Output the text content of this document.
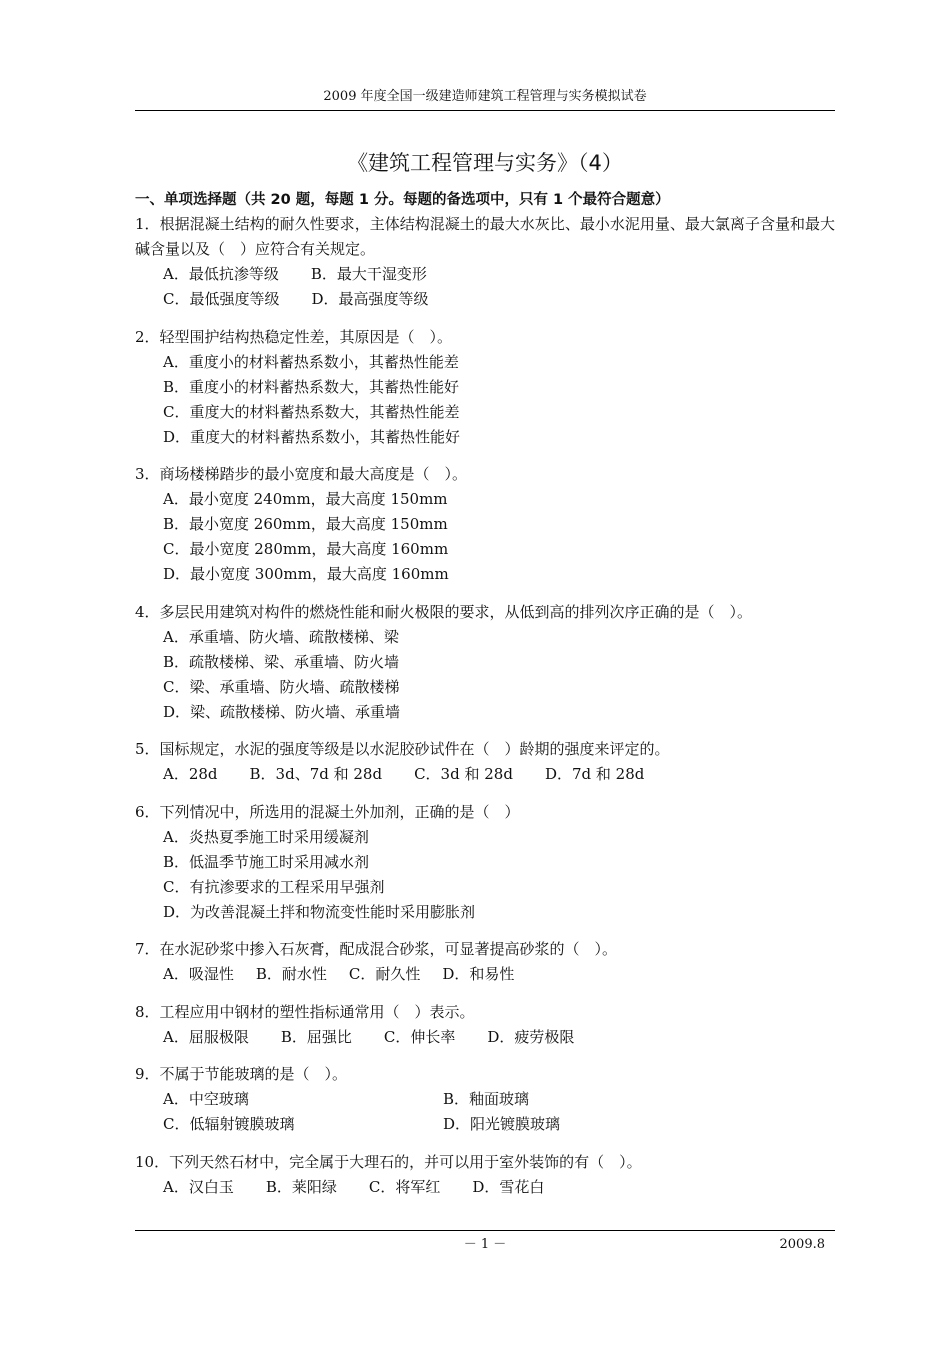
2009 年度全国一级建造师建筑工程管理与实务模拟试卷
《建筑工程管理与实务》（4）
一、单项选择题（共 20 题，每题 1 分。每题的备选项中，只有 1 个最符合题意）
1．根据混凝土结构的耐久性要求，主体结构混凝土的最大水灰比、最小水泥用量、最大氯离子含量和最大碱含量以及（　）应符合有关规定。
A．最低抗渗等级 B．最大干湿变形
C．最低强度等级 D．最高强度等级
2．轻型围护结构热稳定性差，其原因是（　）。
A．重度小的材料蓄热系数小，其蓄热性能差
B．重度小的材料蓄热系数大，其蓄热性能好
C．重度大的材料蓄热系数大，其蓄热性能差
D．重度大的材料蓄热系数小，其蓄热性能好
3．商场楼梯踏步的最小宽度和最大高度是（　）。
A．最小宽度 240mm，最大高度 150mm
B．最小宽度 260mm，最大高度 150mm
C．最小宽度 280mm，最大高度 160mm
D．最小宽度 300mm，最大高度 160mm
4．多层民用建筑对构件的燃烧性能和耐火极限的要求，从低到高的排列次序正确的是（　）。
A．承重墙、防火墙、疏散楼梯、梁
B．疏散楼梯、梁、承重墙、防火墙
C．梁、承重墙、防火墙、疏散楼梯
D．梁、疏散楼梯、防火墙、承重墙
5．国标规定，水泥的强度等级是以水泥胶砂试件在（　）龄期的强度来评定的。
A．28d B．3d、7d 和 28d C．3d 和 28d D．7d 和 28d
6．下列情况中，所选用的混凝土外加剂，正确的是（　）
A．炎热夏季施工时采用缓凝剂
B．低温季节施工时采用减水剂
C．有抗渗要求的工程采用早强剂
D．为改善混凝土拌和物流变性能时采用膨胀剂
7．在水泥砂浆中掺入石灰膏，配成混合砂浆，可显著提高砂浆的（　）。
A．吸湿性 B．耐水性 C．耐久性 D．和易性
8．工程应用中钢材的塑性指标通常用（　）表示。
A．屈服极限 B．屈强比 C．伸长率 D．疲劳极限
9．不属于节能玻璃的是（　）。
A．中空玻璃	B．釉面玻璃
C．低辐射镀膜玻璃	D．阳光镀膜玻璃
10．下列天然石材中，完全属于大理石的，并可以用于室外装饰的有（　）。
A．汉白玉 B．莱阳绿 C．将军红 D．雪花白
－ 1 －	2009.8
